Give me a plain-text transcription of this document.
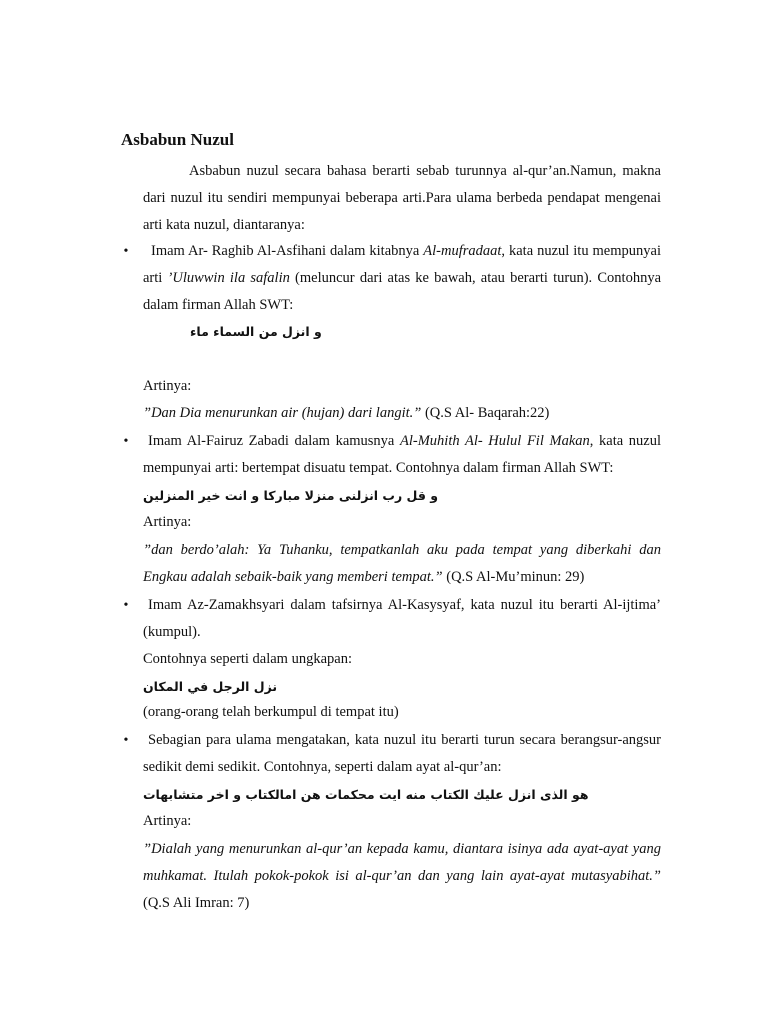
Asbabun Nuzul

Asbabun nuzul secara bahasa berarti sebab turunnya al-qur’an.Namun, makna dari nuzul itu sendiri mempunyai beberapa arti.Para ulama berbeda pendapat mengenai arti kata nuzul, diantaranya:

•	Imam Ar- Raghib Al-Asfihani dalam kitabnya Al-mufradaat, kata nuzul itu mempunyai arti ’Uluwwin ila safalin (meluncur dari atas ke bawah, atau berarti turun). Contohnya dalam firman Allah SWT:

و انزل من السماء ماء

Artinya:

”Dan Dia menurunkan air (hujan) dari langit.” (Q.S Al- Baqarah:22)

•	Imam Al-Fairuz Zabadi dalam kamusnya Al-Muhith Al- Hulul Fil Makan, kata nuzul mempunyai arti: bertempat disuatu tempat. Contohnya dalam firman Allah SWT:

و قل رب انزلنى منزلا مباركا و انت خير المنزلين

Artinya:

”dan berdo’alah: Ya Tuhanku, tempatkanlah aku pada tempat yang diberkahi dan Engkau adalah sebaik-baik yang memberi tempat.” (Q.S Al-Mu’minun: 29)

•	Imam Az-Zamakhsyari dalam tafsirnya Al-Kasysyaf, kata nuzul itu berarti Al-ijtima’ (kumpul).

Contohnya seperti dalam ungkapan:

نزل الرجل في المكان

(orang-orang telah berkumpul di tempat itu)

•	Sebagian para ulama mengatakan, kata nuzul itu berarti turun secara berangsur-angsur sedikit demi sedikit. Contohnya, seperti dalam ayat al-qur’an:

هو الذى انزل عليك الكتاب منه ايت محكمات هن امالكتاب و اخر متشابهات

Artinya:

”Dialah yang menurunkan al-qur’an kepada kamu, diantara isinya ada ayat-ayat yang muhkamat. Itulah pokok-pokok isi al-qur’an dan yang lain ayat-ayat mutasyabihat.” (Q.S Ali Imran: 7)
